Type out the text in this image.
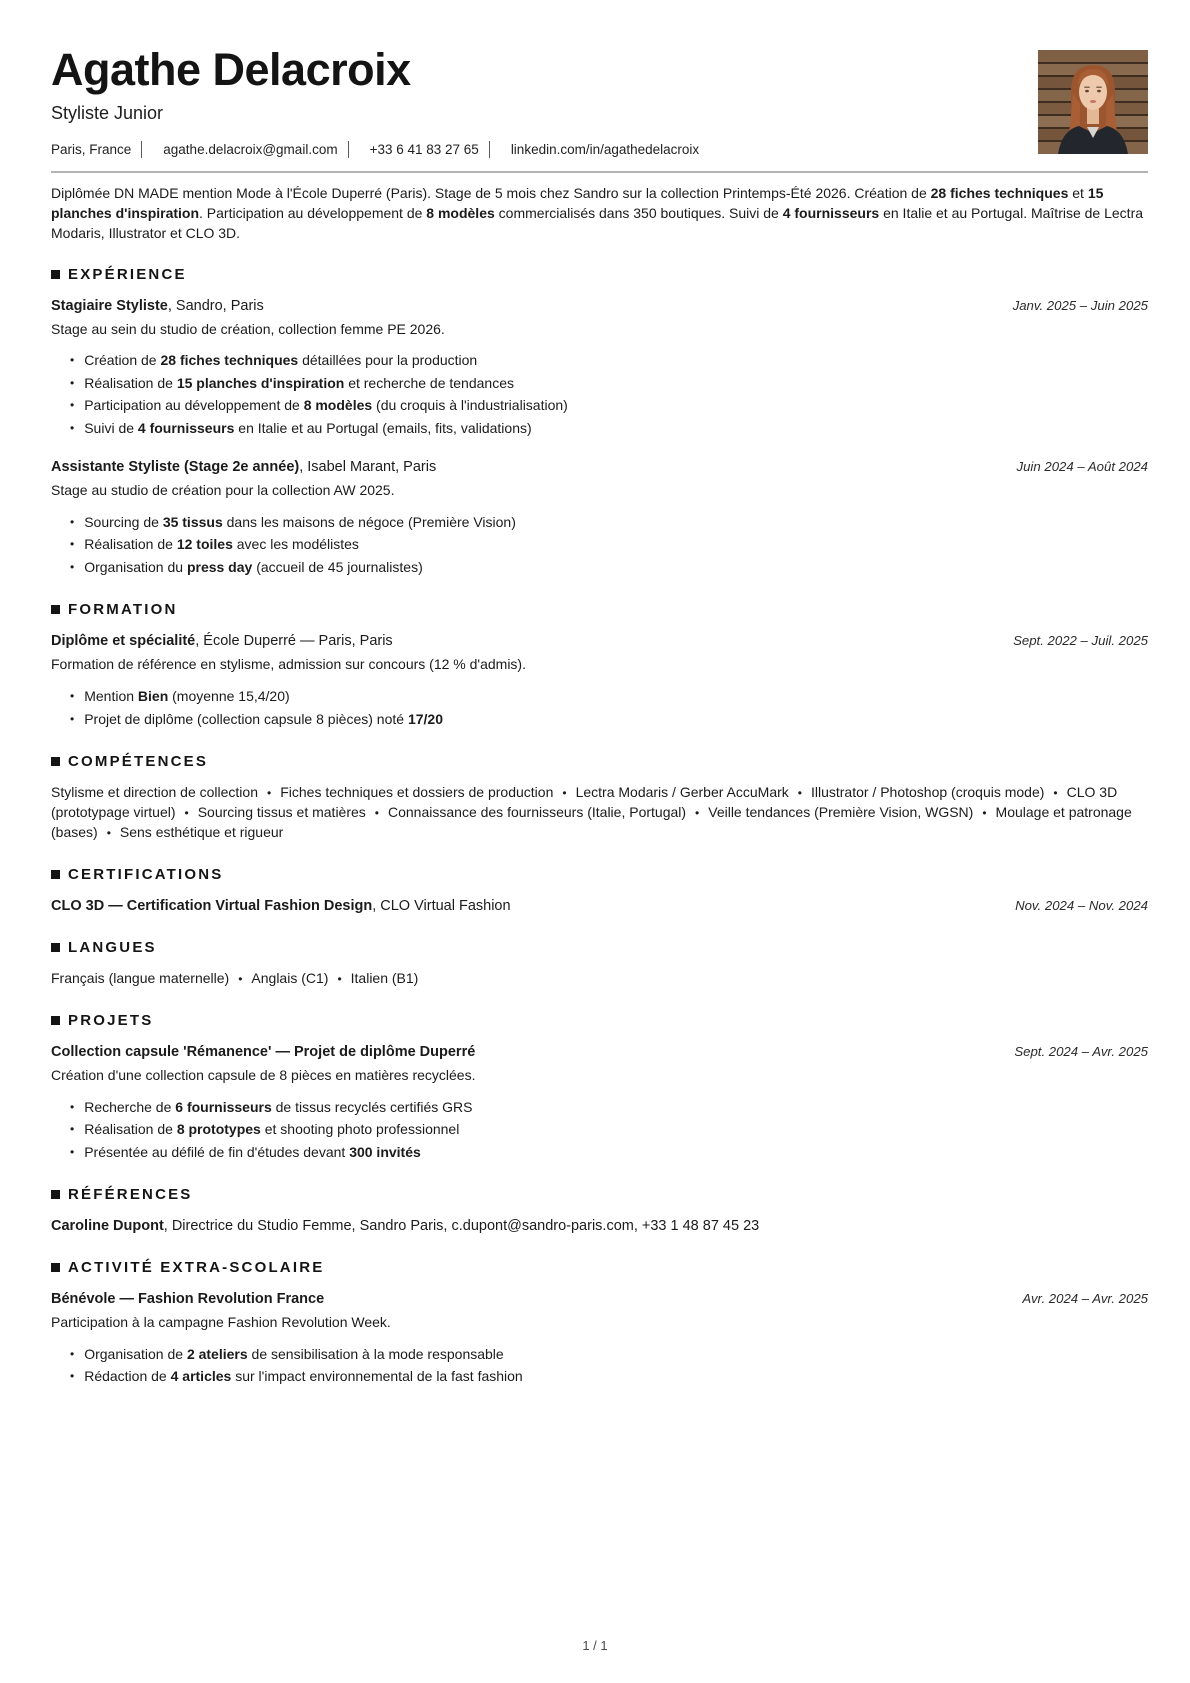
Agathe Delacroix
Styliste Junior
Paris, France agathe.delacroix@gmail.com +33 6 41 83 27 65 linkedin.com/in/agathedelacroix

Diplômée DN MADE mention Mode à l'École Duperré (Paris). Stage de 5 mois chez Sandro sur la collection Printemps-Été 2026. Création de 28 fiches techniques et 15 planches d'inspiration. Participation au développement de 8 modèles commercialisés dans 350 boutiques. Suivi de 4 fournisseurs en Italie et au Portugal. Maîtrise de Lectra Modaris, Illustrator et CLO 3D.

EXPÉRIENCE
Stagiaire Styliste, Sandro, Paris	Janv. 2025 – Juin 2025
Stage au sein du studio de création, collection femme PE 2026.
• Création de 28 fiches techniques détaillées pour la production
• Réalisation de 15 planches d'inspiration et recherche de tendances
• Participation au développement de 8 modèles (du croquis à l'industrialisation)
• Suivi de 4 fournisseurs en Italie et au Portugal (emails, fits, validations)
Assistante Styliste (Stage 2e année), Isabel Marant, Paris	Juin 2024 – Août 2024
Stage au studio de création pour la collection AW 2025.
• Sourcing de 35 tissus dans les maisons de négoce (Première Vision)
• Réalisation de 12 toiles avec les modélistes
• Organisation du press day (accueil de 45 journalistes)
FORMATION
Diplôme et spécialité, École Duperré — Paris, Paris	Sept. 2022 – Juil. 2025
Formation de référence en stylisme, admission sur concours (12 % d'admis).
• Mention Bien (moyenne 15,4/20)
• Projet de diplôme (collection capsule 8 pièces) noté 17/20
COMPÉTENCES

Stylisme et direction de collection • Fiches techniques et dossiers de production • Lectra Modaris / Gerber AccuMark • Illustrator / Photoshop (croquis mode) • CLO 3D (prototypage virtuel) • Sourcing tissus et matières • Connaissance des fournisseurs (Italie, Portugal) • Veille tendances (Première Vision, WGSN) • Moulage et patronage (bases) • Sens esthétique et rigueur

CERTIFICATIONS
CLO 3D — Certification Virtual Fashion Design, CLO Virtual Fashion	Nov. 2024 – Nov. 2024
LANGUES

Français (langue maternelle) • Anglais (C1) • Italien (B1)

PROJETS
Collection capsule 'Rémanence' — Projet de diplôme Duperré	Sept. 2024 – Avr. 2025
Création d'une collection capsule de 8 pièces en matières recyclées.
• Recherche de 6 fournisseurs de tissus recyclés certifiés GRS
• Réalisation de 8 prototypes et shooting photo professionnel
• Présentée au défilé de fin d'études devant 300 invités
RÉFÉRENCES
Caroline Dupont, Directrice du Studio Femme, Sandro Paris, c.dupont@sandro-paris.com, +33 1 48 87 45 23
ACTIVITÉ EXTRA-SCOLAIRE
Bénévole — Fashion Revolution France	Avr. 2024 – Avr. 2025
Participation à la campagne Fashion Revolution Week.
• Organisation de 2 ateliers de sensibilisation à la mode responsable
• Rédaction de 4 articles sur l'impact environnemental de la fast fashion
1 / 1
